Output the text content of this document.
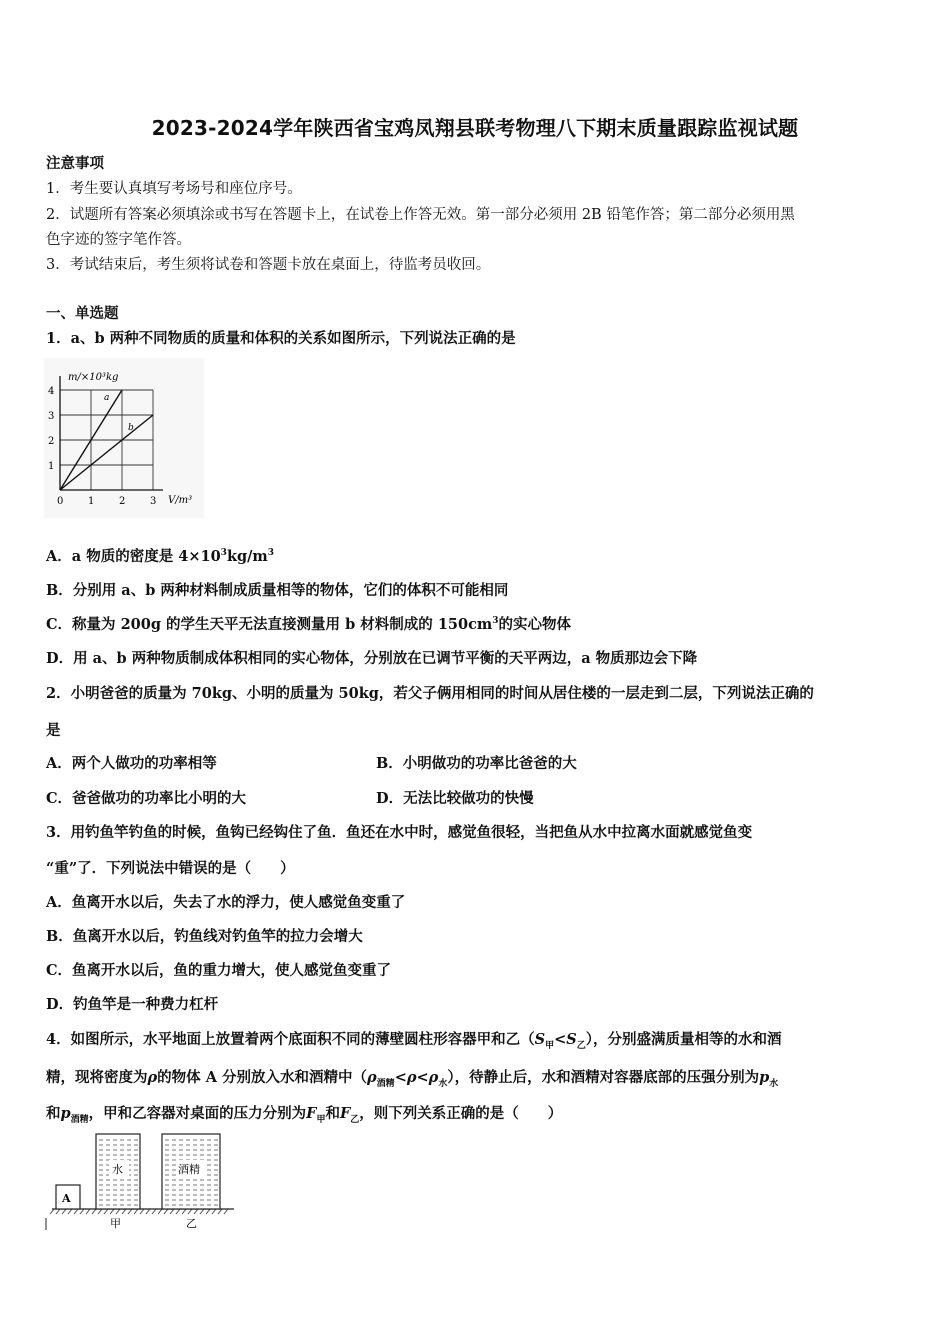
2023-2024学年陕西省宝鸡凤翔县联考物理八下期末质量跟踪监视试题
注意事项
1．考生要认真填写考场号和座位序号。
2．试题所有答案必须填涂或书写在答题卡上，在试卷上作答无效。第一部分必须用 2B 铅笔作答；第二部分必须用黑
色字迹的签字笔作答。
3．考试结束后，考生须将试卷和答题卡放在桌面上，待监考员收回。
一、单选题
1．a、b 两种不同物质的质量和体积的关系如图所示，下列说法正确的是
0 1 2 3
1
2
3
4
m/×10³kg
V/m³
a
b
A．a 物质的密度是 $4\times 10^3kg/m^3$
B．分别用 a、b 两种材料制成质量相等的物体，它们的体积不可能相同
C．称量为 200g 的学生天平无法直接测量用 b 材料制成的 $150cm^3$的实心物体
D．用 a、b 两种物质制成体积相同的实心物体，分别放在已调节平衡的天平两边，a 物质那边会下降
2．小明爸爸的质量为 70kg、小明的质量为 50kg，若父子俩用相同的时间从居住楼的一层走到二层，下列说法正确的
是
A．两个人做功的功率相等	B．小明做功的功率比爸爸的大
C．爸爸做功的功率比小明的大	D．无法比较做功的快慢
3．用钓鱼竿钓鱼的时候，鱼钩已经钩住了鱼．鱼还在水中时，感觉鱼很轻，当把鱼从水中拉离水面就感觉鱼变
“重”了．下列说法中错误的是（　　）
A．鱼离开水以后，失去了水的浮力，使人感觉鱼变重了
B．鱼离开水以后，钓鱼线对钓鱼竿的拉力会增大
C．鱼离开水以后，鱼的重力增大，使人感觉鱼变重了
D．钓鱼竿是一种费力杠杆
4．如图所示，水平地面上放置着两个底面积不同的薄壁圆柱形容器甲和乙$(S_甲<S_乙)$，分别盛满质量相等的水和酒
精，现将密度为ρ的物体 A 分别放入水和酒精中$(\rho_{酒精}<\rho<\rho_水)$，待静止后，水和酒精对容器底部的压强分别为$p_水$
和$p_{酒精}$，甲和乙容器对桌面的压力分别为$F_甲$和$F_乙$，则下列关系正确的是（　　）
A
水	酒精
甲	乙
